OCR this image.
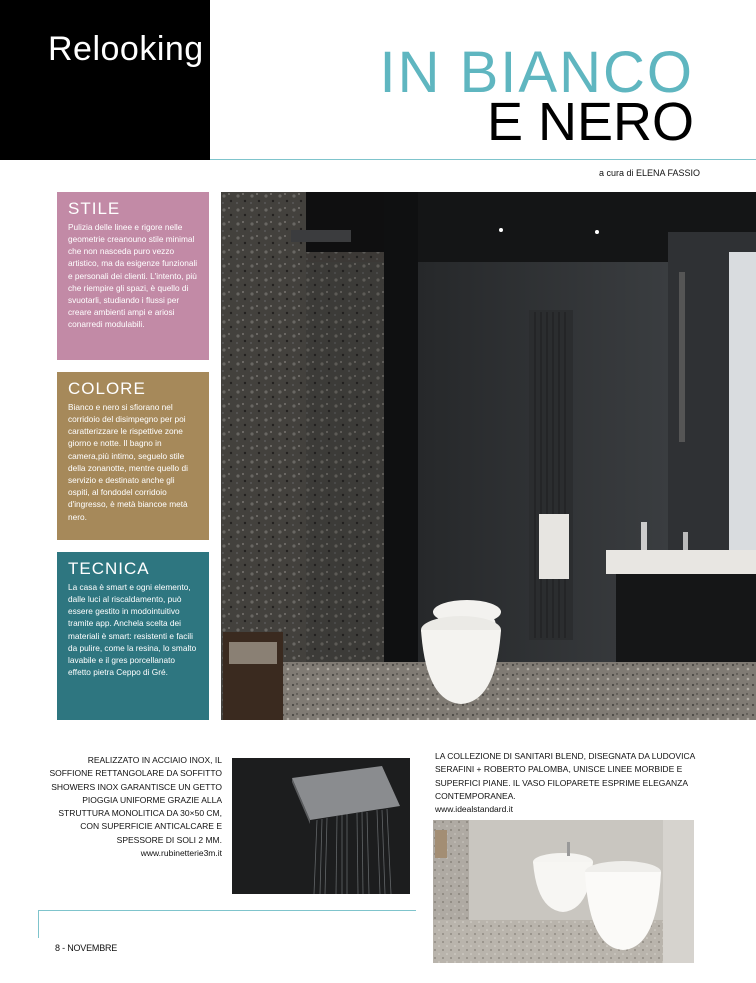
Relooking	IN BIANCO
E NERO
a cura di ELENA FASSIO
STILE

Pulizia delle linee e rigore nelle geometrie creanouno stile minimal che non nasceda puro vezzo artistico, ma da esigenze funzionali e personali dei clienti. L'intento, più che riempire gli spazi, è quello di svuotarli, studiando i flussi per creare ambienti ampi e ariosi conarredi modulabili.

COLORE

Bianco e nero si sfiorano nel corridoio del disimpegno per poi caratterizzare le rispettive zone giorno e notte. Il bagno in camera,più intimo, seguelo stile della zonanotte, mentre quello di servizio e destinato anche gli ospiti, al fondodel corridoio d'ingresso, è metà biancoe metà nero.

TECNICA

La casa è smart e ogni elemento, dalle luci al riscaldamento, può essere gestito in modointuitivo tramite app. Anchela scelta dei materiali è smart: resistenti e facili da pulire, come la resina, lo smalto lavabile e il gres porcellanato effetto pietra Ceppo di Gré.

REALIZZATO IN ACCIAIO INOX, IL SOFFIONE RETTANGOLARE DA SOFFITTO SHOWERS INOX GARANTISCE UN GETTO PIOGGIA UNIFORME GRAZIE ALLA STRUTTURA MONOLITICA DA 30×50 CM, CON SUPERFICIE ANTICALCARE E SPESSORE DI SOLI 2 MM.
www.rubinetterie3m.it
LA COLLEZIONE DI SANITARI BLEND, DISEGNATA DA LUDOVICA SERAFINI + ROBERTO PALOMBA, UNISCE LINEE MORBIDE E SUPERFICI PIANE. IL VASO FILOPARETE ESPRIME ELEGANZA CONTEMPORANEA.
www.idealstandard.it
8 - NOVEMBRE
